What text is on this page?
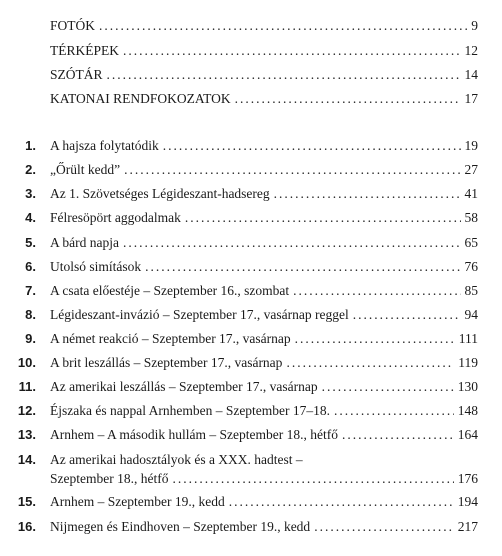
FOTÓK .....	9
TÉRKÉPEK .....	12
SZÓTÁR .....	14
KATONAI RENDFOKOZATOK .....	17
1. A hajsza folytatódik .....	19
2. „Őrült kedd” .....	27
3. Az 1. Szövetséges Légideszant-hadsereg .....	41
4. Félresöpört aggodalmak .....	58
5. A bárd napja .....	65
6. Utolsó simítások .....	76
7. A csata előestéje – Szeptember 16., szombat .....	85
8. Légideszant-invázió – Szeptember 17., vasárnap reggel .....	94
9. A német reakció – Szeptember 17., vasárnap .....	111
10. A brit leszállás – Szeptember 17., vasárnap .....	119
11. Az amerikai leszállás – Szeptember 17., vasárnap .....	130
12. Éjszaka és nappal Arnhemben – Szeptember 17–18. .....	148
13. Arnhem – A második hullám – Szeptember 18., hétfő .....	164
14. Az amerikai hadosztályok és a XXX. hadtest –
Szeptember 18., hétfő .....	176
15. Arnhem – Szeptember 19., kedd .....	194
16. Nijmegen és Eindhoven – Szeptember 19., kedd .....	217
